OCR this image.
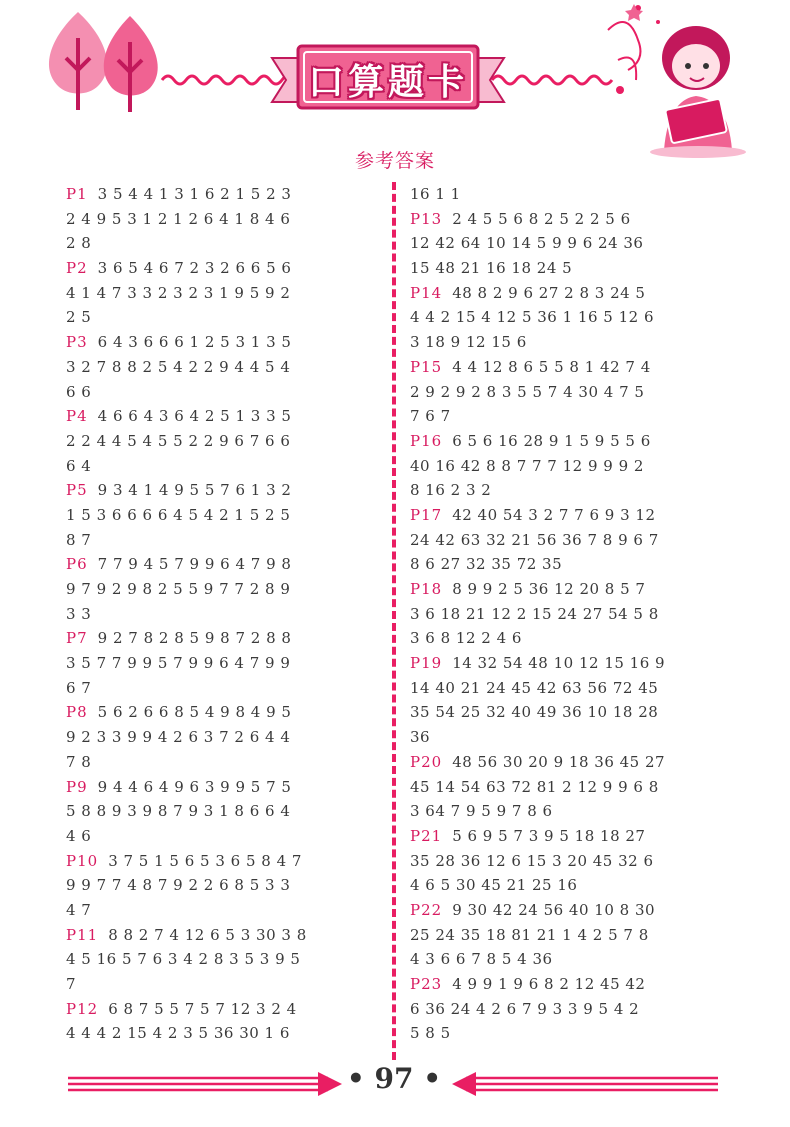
口算题卡
参考答案
P1 3 5 4 4 1 3 1 6 2 1 5 2 3
2 4 9 5 3 1 2 1 2 6 4 1 8 4 6
2 8
P2 3 6 5 4 6 7 2 3 2 6 6 5 6
4 1 4 7 3 3 2 3 2 3 1 9 5 9 2
2 5
P3 6 4 3 6 6 6 1 2 5 3 1 3 5
3 2 7 8 8 2 5 4 2 2 9 4 4 5 4
6 6
P4 4 6 6 4 3 6 4 2 5 1 3 3 5
2 2 4 4 5 4 5 5 2 2 9 6 7 6 6
6 4
P5 9 3 4 1 4 9 5 5 7 6 1 3 2
1 5 3 6 6 6 6 4 5 4 2 1 5 2 5
8 7
P6 7 7 9 4 5 7 9 9 6 4 7 9 8
9 7 9 2 9 8 2 5 5 9 7 7 2 8 9
3 3
P7 9 2 7 8 2 8 5 9 8 7 2 8 8
3 5 7 7 9 9 5 7 9 9 6 4 7 9 9
6 7
P8 5 6 2 6 6 8 5 4 9 8 4 9 5
9 2 3 3 9 9 4 2 6 3 7 2 6 4 4
7 8
P9 9 4 4 6 4 9 6 3 9 9 5 7 5
5 8 8 9 3 9 8 7 9 3 1 8 6 6 4
4 6
P10 3 7 5 1 5 6 5 3 6 5 8 4 7
9 9 7 7 4 8 7 9 2 2 6 8 5 3 3
4 7
P11 8 8 2 7 4 12 6 5 3 30 3 8
4 5 16 5 7 6 3 4 2 8 3 5 3 9 5
7
P12 6 8 7 5 5 7 5 7 12 3 2 4
4 4 4 2 15 4 2 3 5 36 30 1 6
16 1 1
P13 2 4 5 5 6 8 2 5 2 2 5 6
12 42 64 10 14 5 9 9 6 24 36
15 48 21 16 18 24 5
P14 48 8 2 9 6 27 2 8 3 24 5
4 4 2 15 4 12 5 36 1 16 5 12 6
3 18 9 12 15 6
P15 4 4 12 8 6 5 5 8 1 42 7 4
2 9 2 9 2 8 3 5 5 7 4 30 4 7 5
7 6 7
P16 6 5 6 16 28 9 1 5 9 5 5 6
40 16 42 8 8 7 7 7 12 9 9 9 2
8 16 2 3 2
P17 42 40 54 3 2 7 7 6 9 3 12
24 42 63 32 21 56 36 7 8 9 6 7
8 6 27 32 35 72 35
P18 8 9 9 2 5 36 12 20 8 5 7
3 6 18 21 12 2 15 24 27 54 5 8
3 6 8 12 2 4 6
P19 14 32 54 48 10 12 15 16 9
14 40 21 24 45 42 63 56 72 45
35 54 25 32 40 49 36 10 18 28
36
P20 48 56 30 20 9 18 36 45 27
45 14 54 63 72 81 2 12 9 9 6 8
3 64 7 9 5 9 7 8 6
P21 5 6 9 5 7 3 9 5 18 18 27
35 28 36 12 6 15 3 20 45 32 6
4 6 5 30 45 21 25 16
P22 9 30 42 24 56 40 10 8 30
25 24 35 18 81 21 1 4 2 5 7 8
4 3 6 6 7 8 5 4 36
P23 4 9 9 1 9 6 8 2 12 45 42
6 36 24 4 2 6 7 9 3 3 9 5 4 2
5 8 5
• 97 •
